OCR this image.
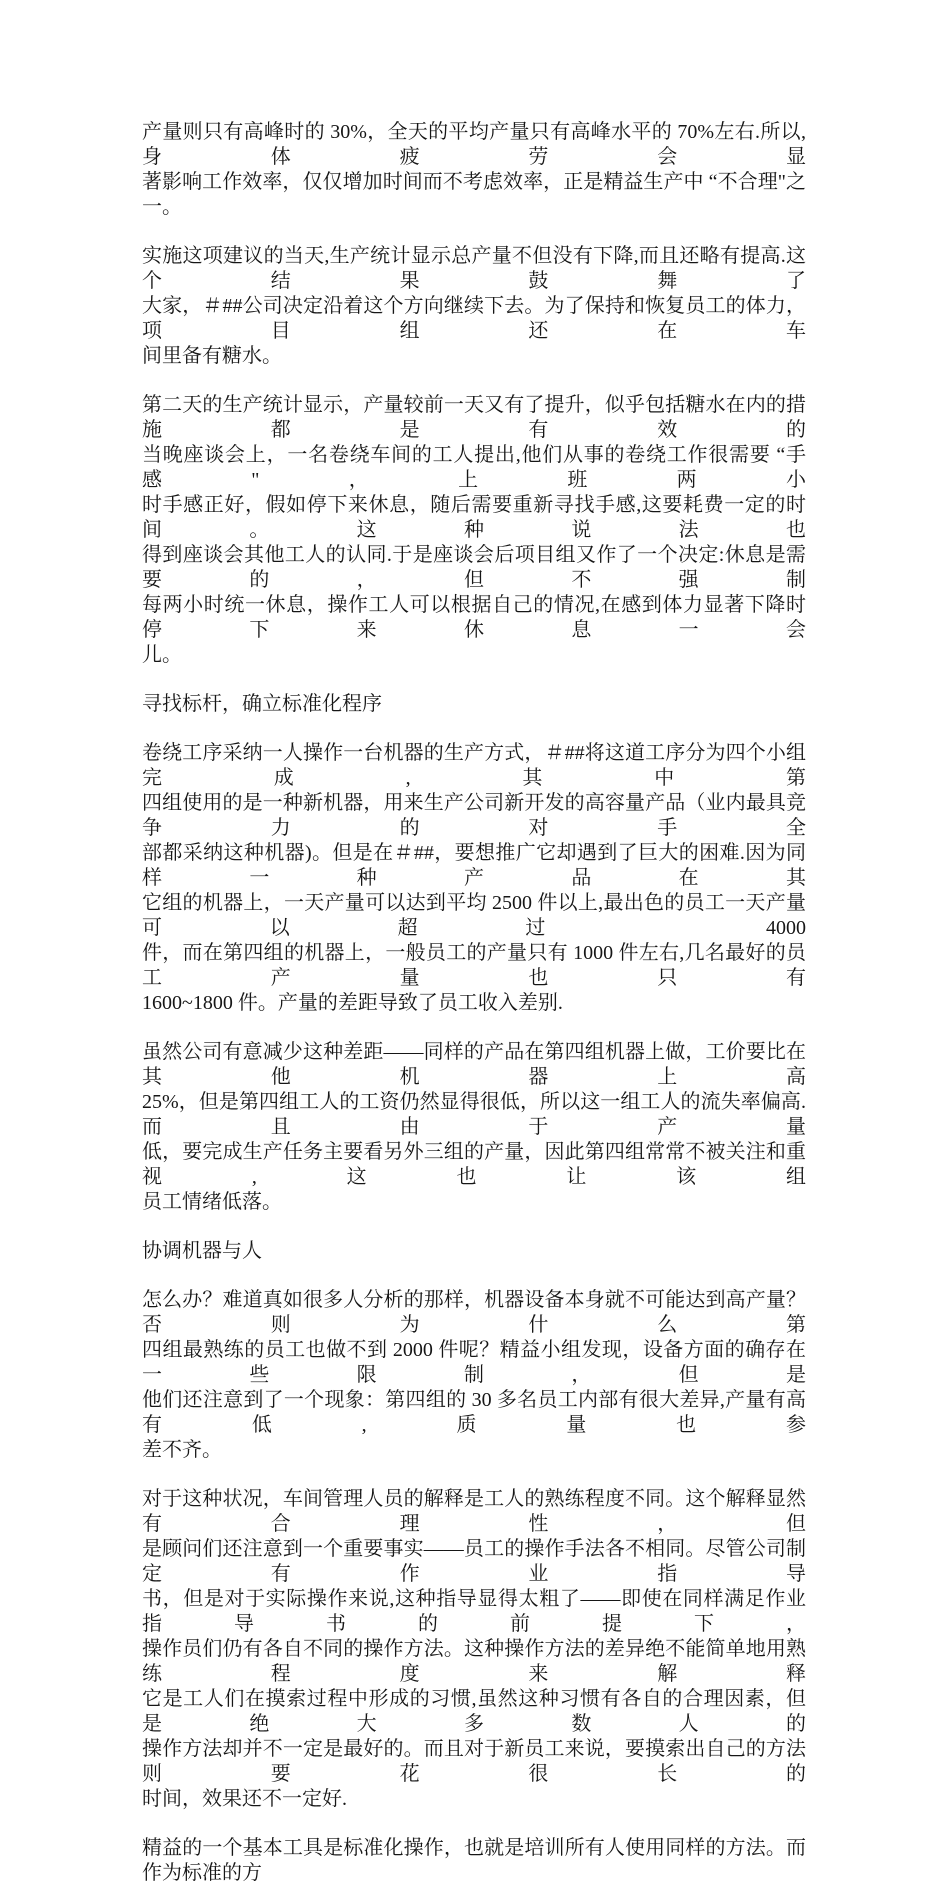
产量则只有高峰时的 30%，全天的平均产量只有高峰水平的 70%左右.所以,身体疲劳会显
著影响工作效率，仅仅增加时间而不考虑效率，正是精益生产中 “不合理"之一。
实施这项建议的当天,生产统计显示总产量不但没有下降,而且还略有提高.这个结果鼓舞了
大家，＃##公司决定沿着这个方向继续下去。为了保持和恢复员工的体力，项目组还在车
间里备有糖水。
第二天的生产统计显示，产量较前一天又有了提升，似乎包括糖水在内的措施都是有效的
当晚座谈会上，一名卷绕车间的工人提出,他们从事的卷绕工作很需要 “手感"，上班两小
时手感正好，假如停下来休息，随后需要重新寻找手感,这要耗费一定的时间。这种说法也
得到座谈会其他工人的认同.于是座谈会后项目组又作了一个决定:休息是需要的，但不强制
每两小时统一休息，操作工人可以根据自己的情况,在感到体力显著下降时停下来休息一会
儿。
寻找标杆，确立标准化程序
卷绕工序采纳一人操作一台机器的生产方式，＃##将这道工序分为四个小组完成,其中第
四组使用的是一种新机器，用来生产公司新开发的高容量产品（业内最具竞争力的对手全
部都采纳这种机器)。但是在＃##，要想推广它却遇到了巨大的困难.因为同样一种产品在其
它组的机器上，一天产量可以达到平均 2500 件以上,最出色的员工一天产量可以超过 4000
件，而在第四组的机器上，一般员工的产量只有 1000 件左右,几名最好的员工产量也只有
1600~1800 件。产量的差距导致了员工收入差别.
虽然公司有意减少这种差距——同样的产品在第四组机器上做，工价要比在其他机器上高
25%，但是第四组工人的工资仍然显得很低，所以这一组工人的流失率偏高.而且由于产量
低，要完成生产任务主要看另外三组的产量，因此第四组常常不被关注和重视,这也让该组
员工情绪低落。
协调机器与人
怎么办？难道真如很多人分析的那样，机器设备本身就不可能达到高产量？否则为什么第
四组最熟练的员工也做不到 2000 件呢？精益小组发现，设备方面的确存在一些限制，但是
他们还注意到了一个现象：第四组的 30 多名员工内部有很大差异,产量有高有低,质量也参
差不齐。
对于这种状况，车间管理人员的解释是工人的熟练程度不同。这个解释显然有合理性，但
是顾问们还注意到一个重要事实——员工的操作手法各不相同。尽管公司制定有作业指导
书，但是对于实际操作来说,这种指导显得太粗了——即使在同样满足作业指导书的前提下，
操作员们仍有各自不同的操作方法。这种操作方法的差异绝不能简单地用熟练程度来解释
它是工人们在摸索过程中形成的习惯,虽然这种习惯有各自的合理因素，但是绝大多数人的
操作方法却并不一定是最好的。而且对于新员工来说，要摸索出自己的方法则要花很长的
时间，效果还不一定好.
精益的一个基本工具是标准化操作，也就是培训所有人使用同样的方法。而作为标准的方
